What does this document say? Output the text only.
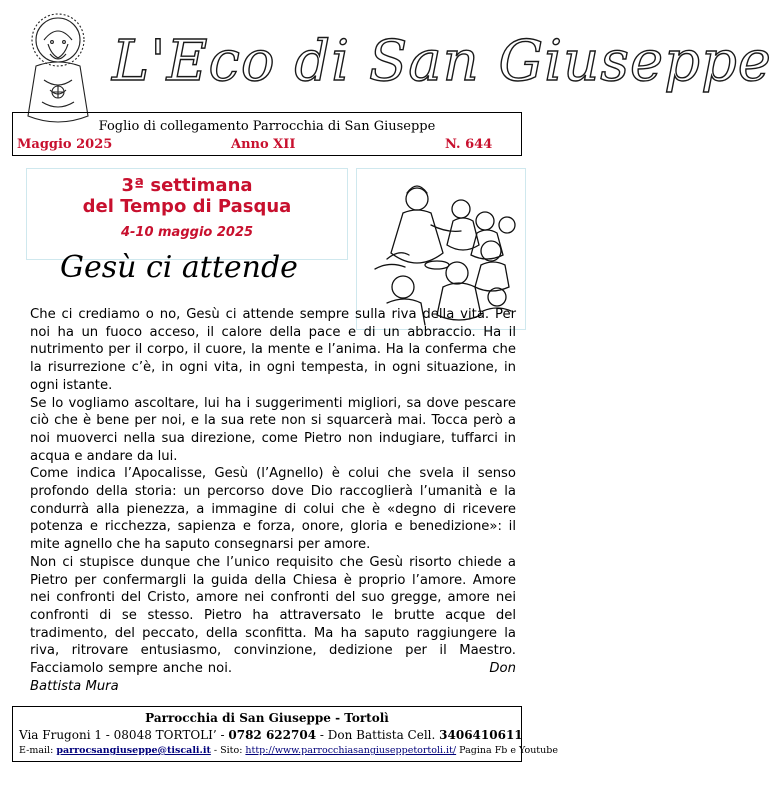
L'Eco di San Giuseppe
Foglio di collegamento Parrocchia di San Giuseppe
Maggio 2025	Anno XII	N. 644
3ª settimana
del Tempo di Pasqua
4-10 maggio 2025
Gesù ci attende

Che ci crediamo o no, Gesù ci attende sempre sulla riva della vita. Per noi ha un fuoco acceso, il calore della pace e di un abbraccio. Ha il nutrimento per il corpo, il cuore, la mente e l’anima. Ha la conferma che la risurrezione c’è, in ogni vita, in ogni tempesta, in ogni situazione, in ogni istante.

Se lo vogliamo ascoltare, lui ha i suggerimenti migliori, sa dove pescare ciò che è bene per noi, e la sua rete non si squarcerà mai. Tocca però a noi muoverci nella sua direzione, come Pietro non indugiare, tuffarci in acqua e andare da lui.

Come indica l’Apocalisse, Gesù (l’Agnello) è colui che svela il senso profondo della storia: un percorso dove Dio raccoglierà l’umanità e la condurrà alla pienezza, a immagine di colui che è «degno di ricevere potenza e ricchezza, sapienza e forza, onore, gloria e benedizione»: il mite agnello che ha saputo consegnarsi per amore.

Non ci stupisce dunque che l’unico requisito che Gesù risorto chiede a Pietro per confermargli la guida della Chiesa è proprio l’amore. Amore nei confronti del Cristo, amore nei confronti del suo gregge, amore nei confronti di se stesso. Pietro ha attraversato le brutte acque del tradimento, del peccato, della sconfitta. Ma ha saputo raggiungere la riva, ritrovare entusiasmo, convinzione, dedizione per il Maestro. Facciamolo sempre anche noi.	Don Battista Mura

Parrocchia di San Giuseppe - Tortolì
Via Frugoni 1 - 08048 TORTOLI’ - 0782 622704 - Don Battista Cell. 3406410611
E-mail: parrocsangiuseppe@tiscali.it - Sito: http://www.parrocchiasangiuseppetortoli.it/ Pagina Fb e Youtube
